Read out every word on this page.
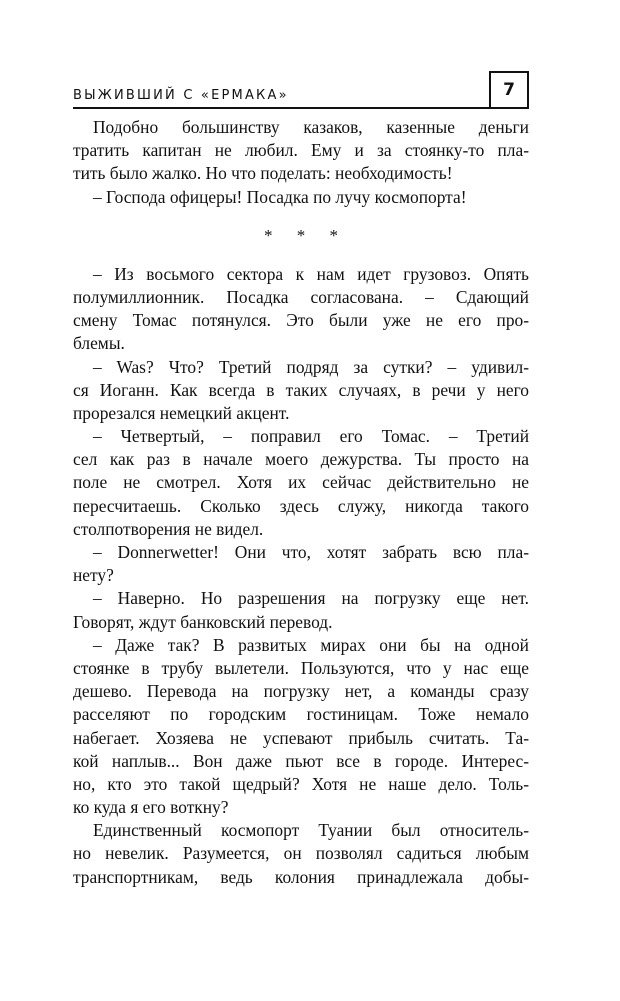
ВЫЖИВШИЙ С «ЕРМАКА»	7
Подобно большинству казаков, казенные деньги
тратить капитан не любил. Ему и за стоянку-то пла-
тить было жалко. Но что поделать: необходимость!
– Господа офицеры! Посадка по лучу космопорта!
* * *
– Из восьмого сектора к нам идет грузовоз. Опять
полумиллионник. Посадка согласована. – Сдающий
смену Томас потянулся. Это были уже не его про-
блемы.
– Was? Что? Третий подряд за сутки? – удивил-
ся Иоганн. Как всегда в таких случаях, в речи у него
прорезался немецкий акцент.
– Четвертый, – поправил его Томас. – Третий
сел как раз в начале моего дежурства. Ты просто на
поле не смотрел. Хотя их сейчас действительно не
пересчитаешь. Сколько здесь служу, никогда такого
столпотворения не видел.
– Donnerwetter! Они что, хотят забрать всю пла-
нету?
– Наверно. Но разрешения на погрузку еще нет.
Говорят, ждут банковский перевод.
– Даже так? В развитых мирах они бы на одной
стоянке в трубу вылетели. Пользуются, что у нас еще
дешево. Перевода на погрузку нет, а команды сразу
расселяют по городским гостиницам. Тоже немало
набегает. Хозяева не успевают прибыль считать. Та-
кой наплыв... Вон даже пьют все в городе. Интерес-
но, кто это такой щедрый? Хотя не наше дело. Толь-
ко куда я его воткну?
Единственный космопорт Туании был относитель-
но невелик. Разумеется, он позволял садиться любым
транспортникам, ведь колония принадлежала добы-
